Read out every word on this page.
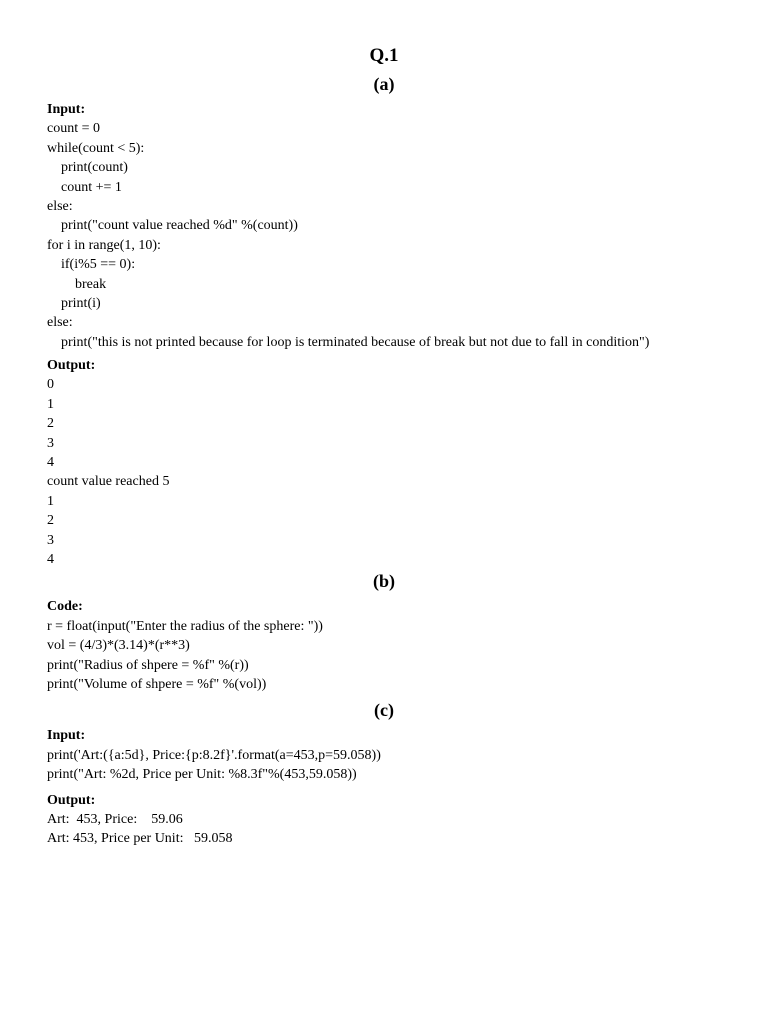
Q.1
(a)
Input:
count = 0
while(count < 5):
print(count)
count += 1
else:
print("count value reached %d" %(count))
for i in range(1, 10):
if(i%5 == 0):
break
print(i)
else:
print("this is not printed because for loop is terminated because of break but not due to fall in condition")
Output:
0
1
2
3
4
count value reached 5
1
2
3
4
(b)
Code:
r = float(input("Enter the radius of the sphere: "))
vol = (4/3)*(3.14)*(r**3)
print("Radius of shpere = %f" %(r))
print("Volume of shpere = %f" %(vol))
(c)
Input:
print('Art:({a:5d}, Price:{p:8.2f}'.format(a=453,p=59.058))
print("Art: %2d, Price per Unit: %8.3f"%(453,59.058))
Output:
Art:  453, Price:    59.06
Art: 453, Price per Unit:   59.058
